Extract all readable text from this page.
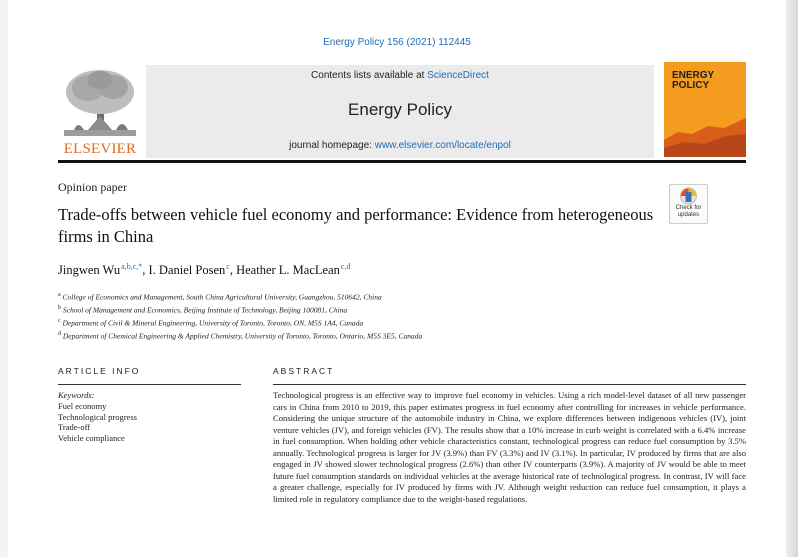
Energy Policy 156 (2021) 112445
ELSEVIER
Contents lists available at ScienceDirect
Energy Policy
journal homepage: www.elsevier.com/locate/enpol
ENERGY POLICY
Opinion paper
Check for updates
Trade-offs between vehicle fuel economy and performance: Evidence from heterogeneous firms in China
Jingwen Wu $^{a,b,c,*}$, I. Daniel Posen $^c$, Heather L. MacLean $^{c,d}$
$^a$ College of Economics and Management, South China Agricultural University, Guangzhou, 510642, China
$^b$ School of Management and Economics, Beijing Institute of Technology, Beijing 100081, China
$^c$ Department of Civil & Mineral Engineering, University of Toronto, Toronto, ON, M5S 1A4, Canada
$^d$ Department of Chemical Engineering & Applied Chemistry, University of Toronto, Toronto, Ontario, M5S 3E5, Canada
ARTICLE INFO	ABSTRACT
Keywords:
Fuel economy
Technological progress
Trade-off
Vehicle compliance
Technological progress is an effective way to improve fuel economy in vehicles. Using a rich model-level dataset of all new passenger cars in China from 2010 to 2019, this paper estimates progress in fuel economy after controlling for increases in vehicle performance. Considering the unique structure of the automobile industry in China, we explore differences between indigenous vehicles (IV), joint venture vehicles (JV), and foreign vehicles (FV). The results show that a 10% increase in curb weight is correlated with a 6.4% increase in fuel consumption. When holding other vehicle characteristics constant, technological progress can reduce fuel consumption by 3.5% annually. Technological progress is larger for JV (3.9%) than FV (3.3%) and IV (3.1%). In particular, IV produced by firms that are also engaged in JV showed slower technological progress (2.6%) than other IV counterparts (3.9%). A majority of JV would be able to meet future fuel consumption standards on individual vehicles at the average historical rate of technological progress. In contrast, IV will face a greater challenge, especially for IV produced by firms with JV. Although weight reduction can reduce fuel consumption, it plays a limited role in regulatory compliance due to the weight-based regulations.
